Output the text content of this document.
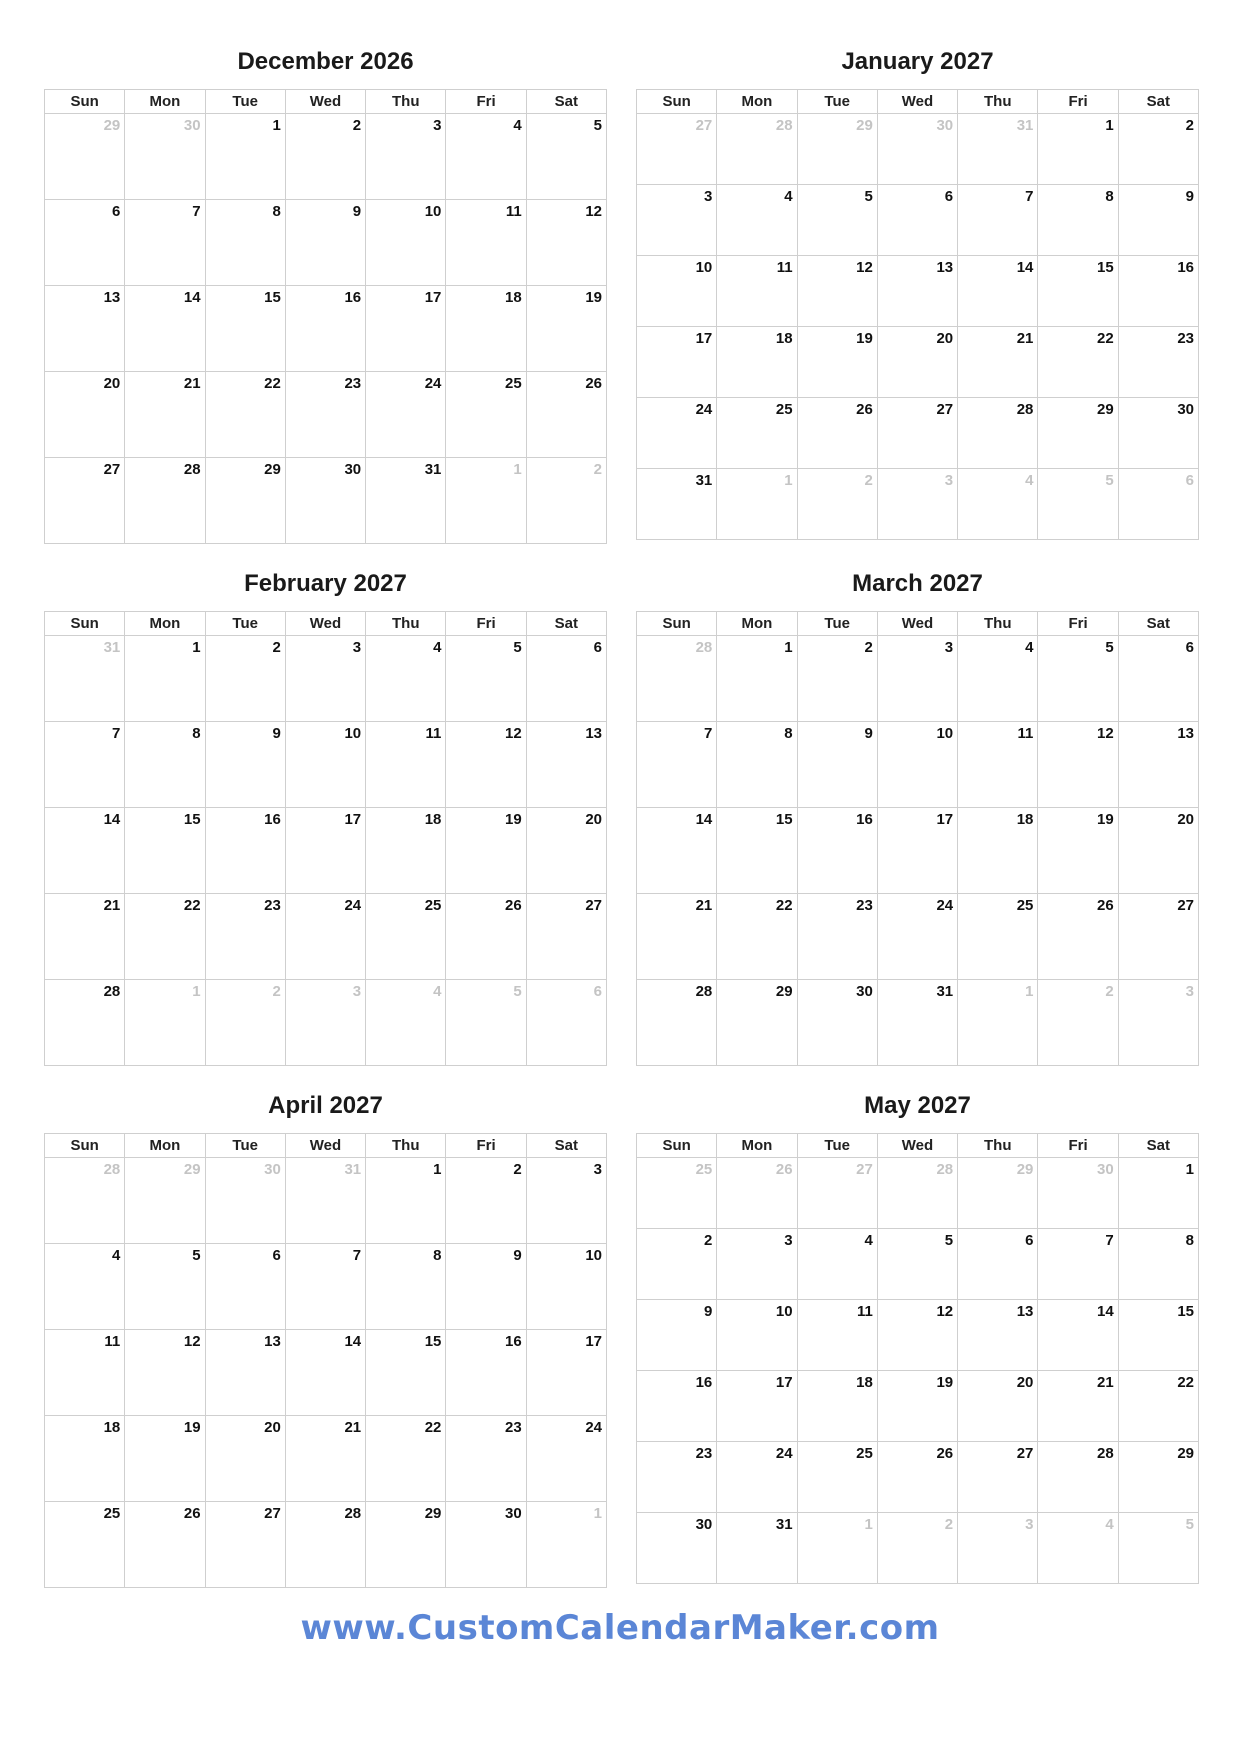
December 2026
Sun	Mon	Tue	Wed	Thu	Fri	Sat
29	30	1	2	3	4	5
6	7	8	9	10	11	12
13	14	15	16	17	18	19
20	21	22	23	24	25	26
27	28	29	30	31	1	2
January 2027
Sun	Mon	Tue	Wed	Thu	Fri	Sat
27	28	29	30	31	1	2
3	4	5	6	7	8	9
10	11	12	13	14	15	16
17	18	19	20	21	22	23
24	25	26	27	28	29	30
31	1	2	3	4	5	6
February 2027
Sun	Mon	Tue	Wed	Thu	Fri	Sat
31	1	2	3	4	5	6
7	8	9	10	11	12	13
14	15	16	17	18	19	20
21	22	23	24	25	26	27
28	1	2	3	4	5	6
March 2027
Sun	Mon	Tue	Wed	Thu	Fri	Sat
28	1	2	3	4	5	6
7	8	9	10	11	12	13
14	15	16	17	18	19	20
21	22	23	24	25	26	27
28	29	30	31	1	2	3
April 2027
Sun	Mon	Tue	Wed	Thu	Fri	Sat
28	29	30	31	1	2	3
4	5	6	7	8	9	10
11	12	13	14	15	16	17
18	19	20	21	22	23	24
25	26	27	28	29	30	1
May 2027
Sun	Mon	Tue	Wed	Thu	Fri	Sat
25	26	27	28	29	30	1
2	3	4	5	6	7	8
9	10	11	12	13	14	15
16	17	18	19	20	21	22
23	24	25	26	27	28	29
30	31	1	2	3	4	5
www.CustomCalendarMaker.com
